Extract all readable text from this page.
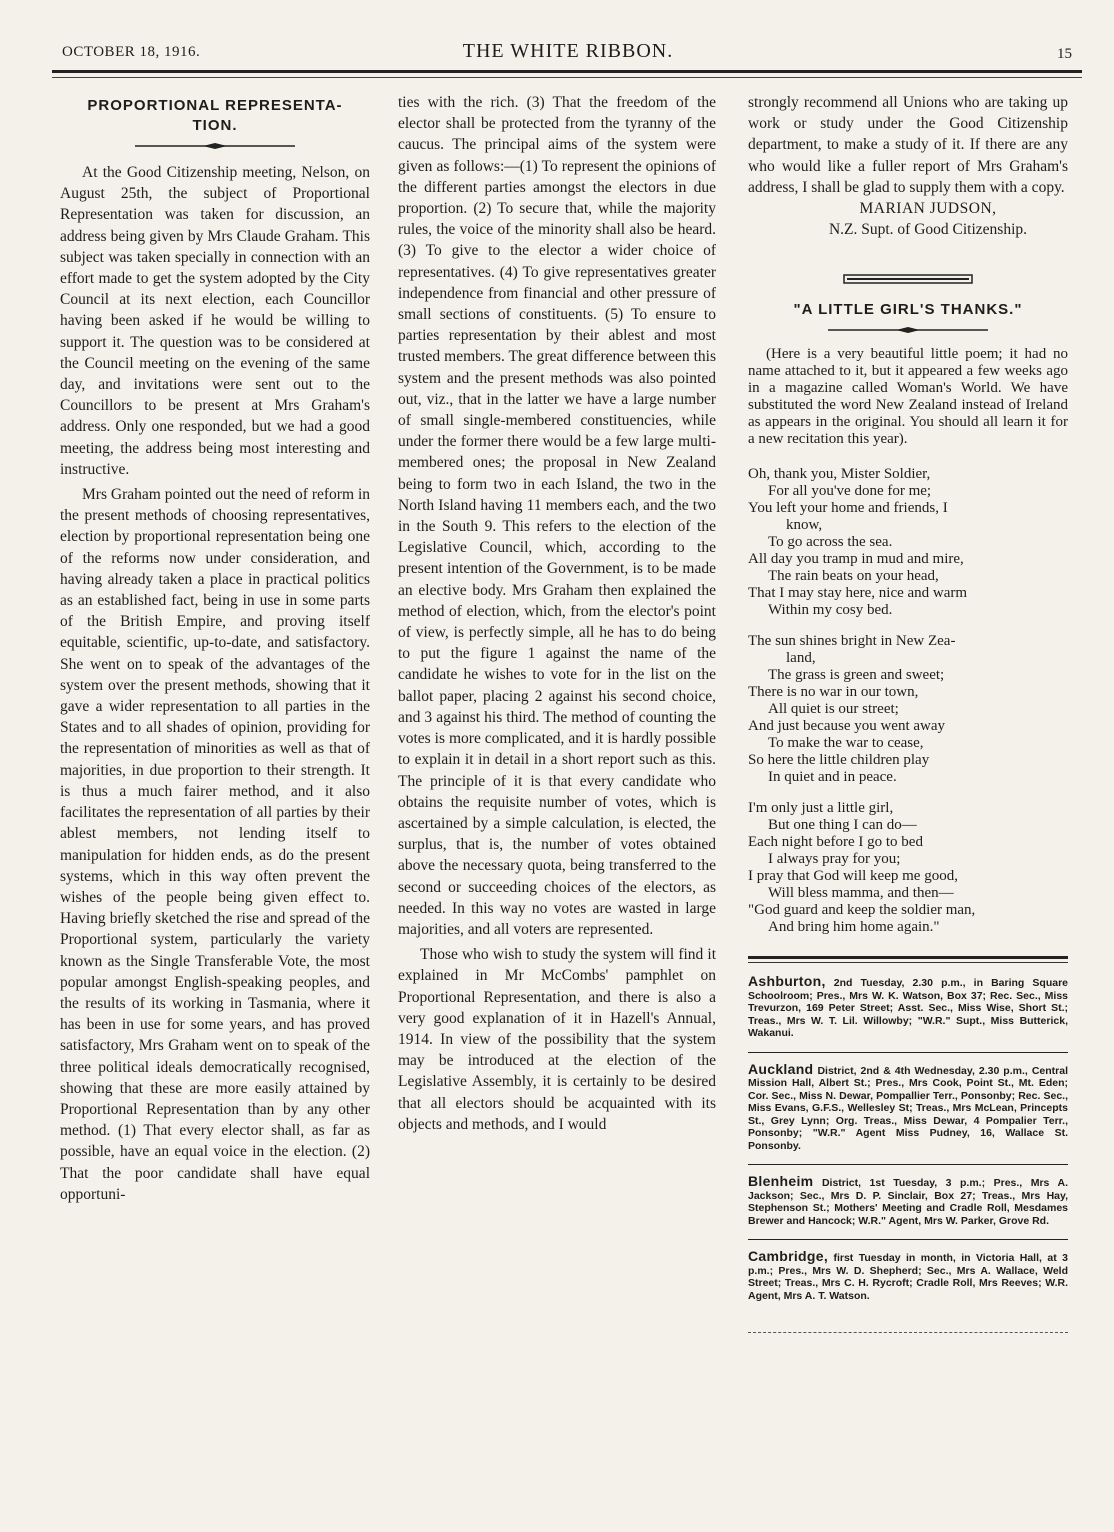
OCTOBER 18, 1916.	THE WHITE RIBBON.	15
PROPORTIONAL REPRESENTA-
TION.

At the Good Citizenship meeting, Nelson, on August 25th, the subject of Proportional Representation was taken for discussion, an address being given by Mrs Claude Graham. This subject was taken specially in connection with an effort made to get the system adopted by the City Council at its next election, each Councillor having been asked if he would be willing to support it. The question was to be considered at the Council meeting on the evening of the same day, and invitations were sent out to the Councillors to be present at Mrs Graham's address. Only one responded, but we had a good meeting, the address being most interesting and instructive.

Mrs Graham pointed out the need of reform in the present methods of choosing representatives, election by proportional representation being one of the reforms now under consideration, and having already taken a place in practical politics as an established fact, being in use in some parts of the British Empire, and proving itself equitable, scientific, up-to-date, and satisfactory. She went on to speak of the advantages of the system over the present methods, showing that it gave a wider representation to all parties in the States and to all shades of opinion, providing for the representation of minorities as well as that of majorities, in due proportion to their strength. It is thus a much fairer method, and it also facilitates the representation of all parties by their ablest members, not lending itself to manipulation for hidden ends, as do the present systems, which in this way often prevent the wishes of the people being given effect to. Having briefly sketched the rise and spread of the Proportional system, particularly the variety known as the Single Transferable Vote, the most popular amongst English-speaking peoples, and the results of its working in Tasmania, where it has been in use for some years, and has proved satisfactory, Mrs Graham went on to speak of the three political ideals democratically recognised, showing that these are more easily attained by Proportional Representation than by any other method. (1) That every elector shall, as far as possible, have an equal voice in the election. (2) That the poor candidate shall have equal opportuni-

ties with the rich. (3) That the freedom of the elector shall be protected from the tyranny of the caucus. The principal aims of the system were given as follows:—(1) To represent the opinions of the different parties amongst the electors in due proportion. (2) To secure that, while the majority rules, the voice of the minority shall also be heard. (3) To give to the elector a wider choice of representatives. (4) To give representatives greater independence from financial and other pressure of small sections of constituents. (5) To ensure to parties representation by their ablest and most trusted members. The great difference between this system and the present methods was also pointed out, viz., that in the latter we have a large number of small single-membered constituencies, while under the former there would be a few large multi-membered ones; the proposal in New Zealand being to form two in each Island, the two in the North Island having 11 members each, and the two in the South 9. This refers to the election of the Legislative Council, which, according to the present intention of the Government, is to be made an elective body. Mrs Graham then explained the method of election, which, from the elector's point of view, is perfectly simple, all he has to do being to put the figure 1 against the name of the candidate he wishes to vote for in the list on the ballot paper, placing 2 against his second choice, and 3 against his third. The method of counting the votes is more complicated, and it is hardly possible to explain it in detail in a short report such as this. The principle of it is that every candidate who obtains the requisite number of votes, which is ascertained by a simple calculation, is elected, the surplus, that is, the number of votes obtained above the necessary quota, being transferred to the second or succeeding choices of the electors, as needed. In this way no votes are wasted in large majorities, and all voters are represented.

Those who wish to study the system will find it explained in Mr McCombs' pamphlet on Proportional Representation, and there is also a very good explanation of it in Hazell's Annual, 1914. In view of the possibility that the system may be introduced at the election of the Legislative Assembly, it is certainly to be desired that all electors should be acquainted with its objects and methods, and I would

strongly recommend all Unions who are taking up work or study under the Good Citizenship department, to make a study of it. If there are any who would like a fuller report of Mrs Graham's address, I shall be glad to supply them with a copy.

MARIAN JUDSON,

N.Z. Supt. of Good Citizenship.

"A LITTLE GIRL'S THANKS."

(Here is a very beautiful little poem; it had no name attached to it, but it appeared a few weeks ago in a magazine called Woman's World. We have substituted the word New Zealand instead of Ireland as appears in the original. You should all learn it for a new recitation this year).

Oh, thank you, Mister Soldier,

For all you've done for me;

You left your home and friends, I

know,

To go across the sea.

All day you tramp in mud and mire,

The rain beats on your head,

That I may stay here, nice and warm

Within my cosy bed.

The sun shines bright in New Zea-

land,

The grass is green and sweet;

There is no war in our town,

All quiet is our street;

And just because you went away

To make the war to cease,

So here the little children play

In quiet and in peace.

I'm only just a little girl,

But one thing I can do—

Each night before I go to bed

I always pray for you;

I pray that God will keep me good,

Will bless mamma, and then—

"God guard and keep the soldier man,

And bring him home again."

Ashburton, 2nd Tuesday, 2.30 p.m., in Baring Square Schoolroom; Pres., Mrs W. K. Watson, Box 37; Rec. Sec., Miss Trevurzon, 169 Peter Street; Asst. Sec., Miss Wise, Short St.; Treas., Mrs W. T. Lil. Willowby; "W.R." Supt., Miss Butterick, Wakanui.

Auckland District, 2nd & 4th Wednesday, 2.30 p.m., Central Mission Hall, Albert St.; Pres., Mrs Cook, Point St., Mt. Eden; Cor. Sec., Miss N. Dewar, Pompallier Terr., Ponsonby; Rec. Sec., Miss Evans, G.F.S., Wellesley St; Treas., Mrs McLean, Princepts St., Grey Lynn; Org. Treas., Miss Dewar, 4 Pompalier Terr., Ponsonby; "W.R." Agent Miss Pudney, 16, Wallace St. Ponsonby.

Blenheim District, 1st Tuesday, 3 p.m.; Pres., Mrs A. Jackson; Sec., Mrs D. P. Sinclair, Box 27; Treas., Mrs Hay, Stephenson St.; Mothers' Meeting and Cradle Roll, Mesdames Brewer and Hancock; W.R." Agent, Mrs W. Parker, Grove Rd.

Cambridge, first Tuesday in month, in Victoria Hall, at 3 p.m.; Pres., Mrs W. D. Shepherd; Sec., Mrs A. Wallace, Weld Street; Treas., Mrs C. H. Rycroft; Cradle Roll, Mrs Reeves; W.R. Agent, Mrs A. T. Watson.
